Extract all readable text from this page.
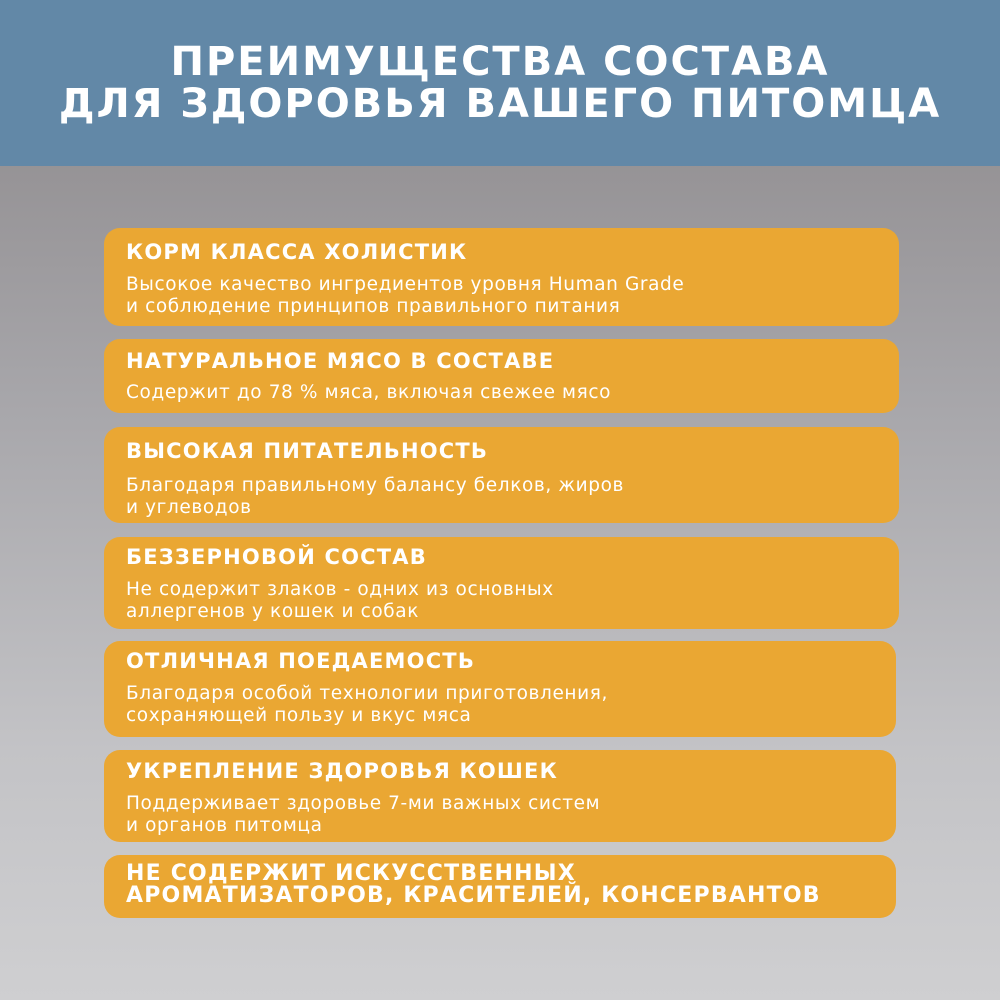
ПРЕИМУЩЕСТВА СОСТАВА
ДЛЯ ЗДОРОВЬЯ ВАШЕГО ПИТОМЦА

КОРМ КЛАССА ХОЛИСТИК

Высокое качество ингредиентов уровня Human Grade
и соблюдение принципов правильного питания

НАТУРАЛЬНОЕ МЯСО В СОСТАВЕ

Содержит до 78 % мяса, включая свежее мясо

ВЫСОКАЯ ПИТАТЕЛЬНОСТЬ

Благодаря правильному балансу белков, жиров
и углеводов

БЕЗЗЕРНОВОЙ СОСТАВ

Не содержит злаков - одних из основных
аллергенов у кошек и собак

ОТЛИЧНАЯ ПОЕДАЕМОСТЬ

Благодаря особой технологии приготовления,
сохраняющей пользу и вкус мяса

УКРЕПЛЕНИЕ ЗДОРОВЬЯ КОШЕК

Поддерживает здоровье 7-ми важных систем
и органов питомца

НЕ СОДЕРЖИТ ИСКУССТВЕННЫХ
АРОМАТИЗАТОРОВ, КРАСИТЕЛЕЙ, КОНСЕРВАНТОВ
